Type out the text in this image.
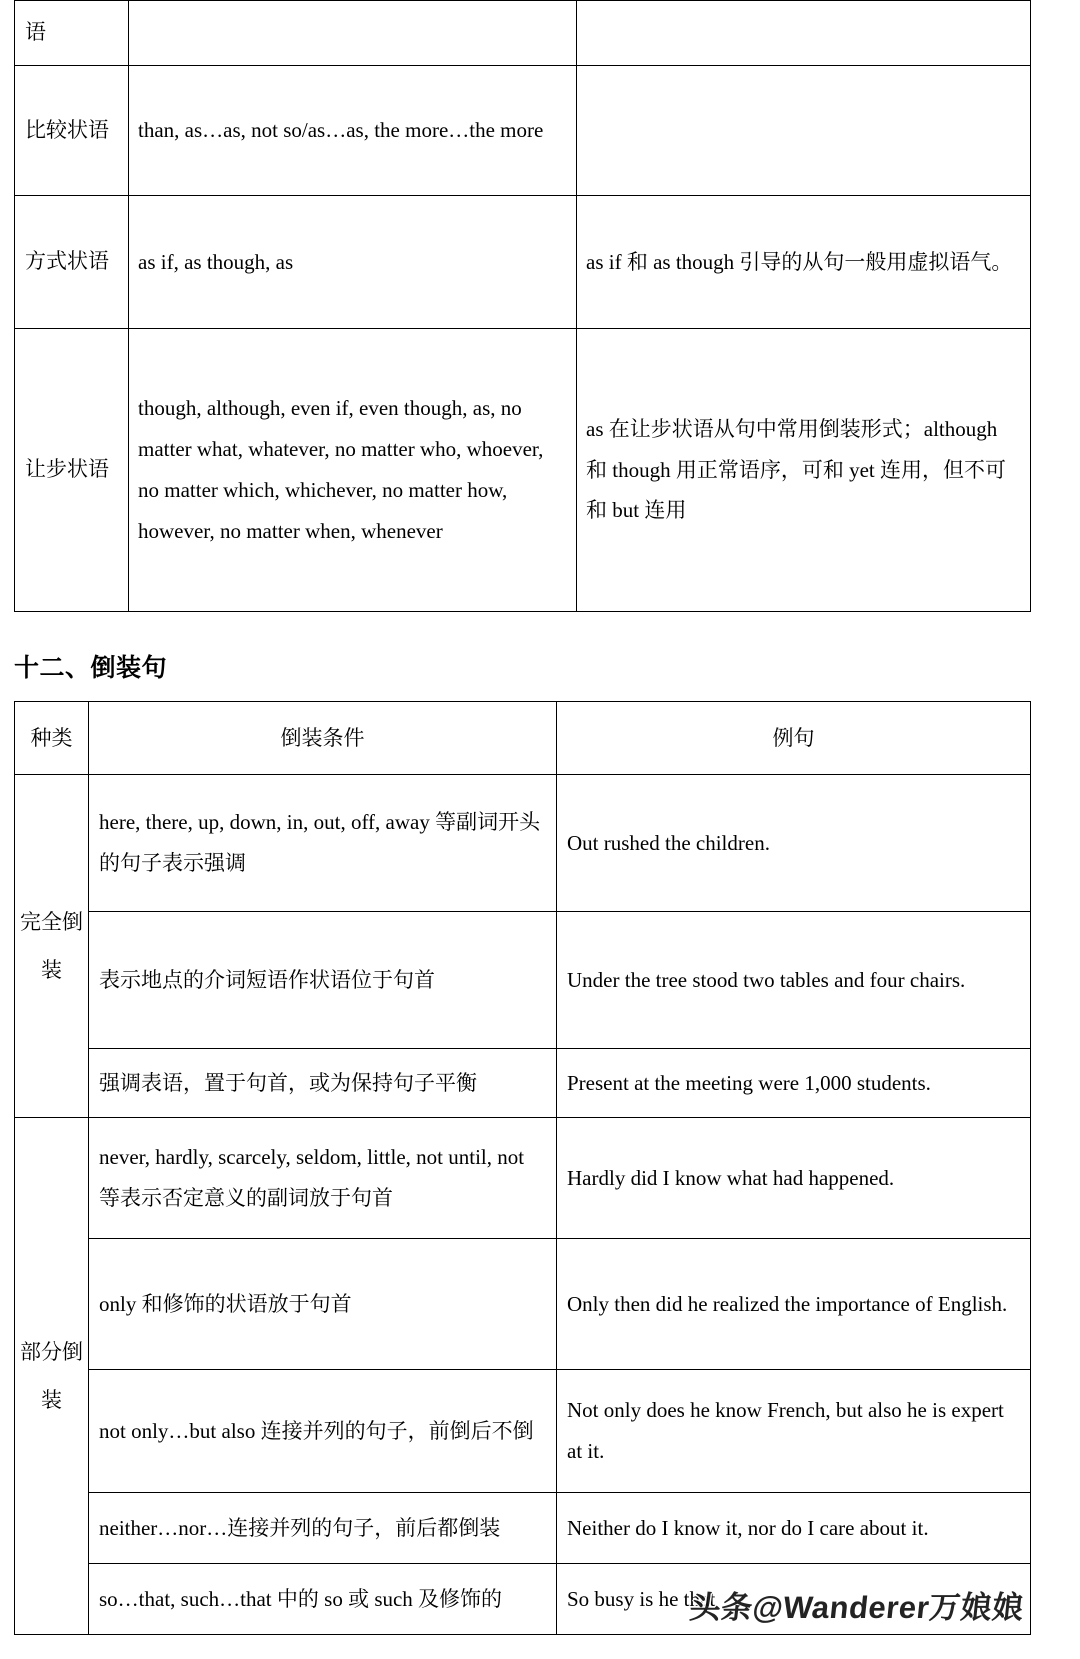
语		
比较状语	than, as…as, not so/as…as, the more…the more	
方式状语	as if, as though, as	as if 和 as though 引导的从句一般用虚拟语气。
让步状语	though, although, even if, even though, as, no matter what, whatever, no matter who, whoever, no matter which, whichever, no matter how, however, no matter when, whenever	as 在让步状语从句中常用倒装形式；although 和 though 用正常语序，可和 yet 连用，但不可和 but 连用
十二、倒装句
种类	倒装条件	例句
完全倒装	here, there, up, down, in, out, off, away 等副词开头的句子表示强调	Out rushed the children.
	表示地点的介词短语作状语位于句首	Under the tree stood two tables and four chairs.
	强调表语，置于句首，或为保持句子平衡	Present at the meeting were 1,000 students.
部分倒装	never, hardly, scarcely, seldom, little, not until, not 等表示否定意义的副词放于句首	Hardly did I know what had happened.
	only 和修饰的状语放于句首	Only then did he realized the importance of English.
	not only…but also 连接并列的句子，前倒后不倒	Not only does he know French, but also he is expert at it.
	neither…nor…连接并列的句子，前后都倒装	Neither do I know it, nor do I care about it.
	so…that, such…that 中的 so 或 such 及修饰的	So busy is he that
头条@Wanderer万娘娘
